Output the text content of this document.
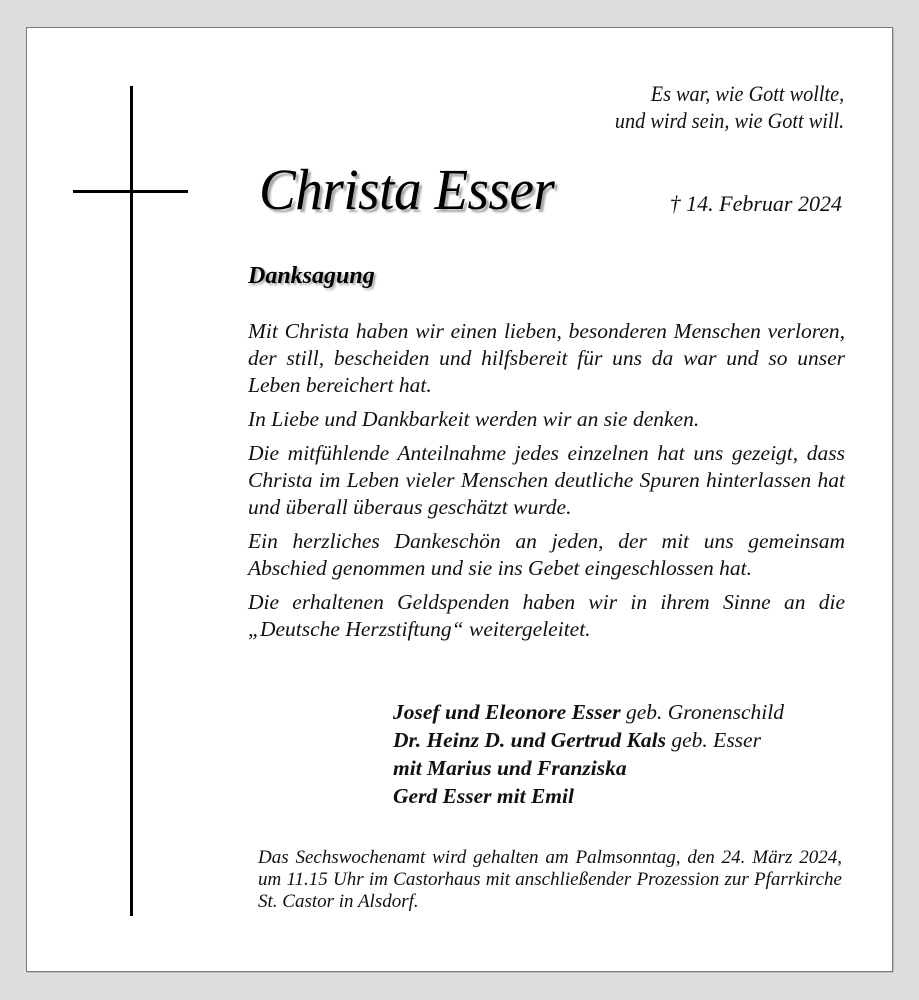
Es war, wie Gott wollte,
und wird sein, wie Gott will.
Christa Esser	† 14. Februar 2024
Danksagung

Mit Christa haben wir einen lieben, besonderen Menschen verloren, der still, bescheiden und hilfsbereit für uns da war und so unser Leben bereichert hat.

In Liebe und Dankbarkeit werden wir an sie denken.

Die mitfühlende Anteilnahme jedes einzelnen hat uns gezeigt, dass Christa im Leben vieler Menschen deutliche Spuren hinterlassen hat und überall überaus geschätzt wurde.

Ein herzliches Dankeschön an jeden, der mit uns gemeinsam Abschied genommen und sie ins Gebet eingeschlossen hat.

Die erhaltenen Geldspenden haben wir in ihrem Sinne an die „Deutsche Herzstiftung“ weitergeleitet.

Josef und Eleonore Esser geb. Gronenschild

Dr. Heinz D. und Gertrud Kals geb. Esser

mit Marius und Franziska

Gerd Esser mit Emil

Das Sechswochenamt wird gehalten am Palmsonntag, den 24. März 2024, um 11.15 Uhr im Castorhaus mit anschließender Prozession zur Pfarrkirche St. Castor in Alsdorf.
